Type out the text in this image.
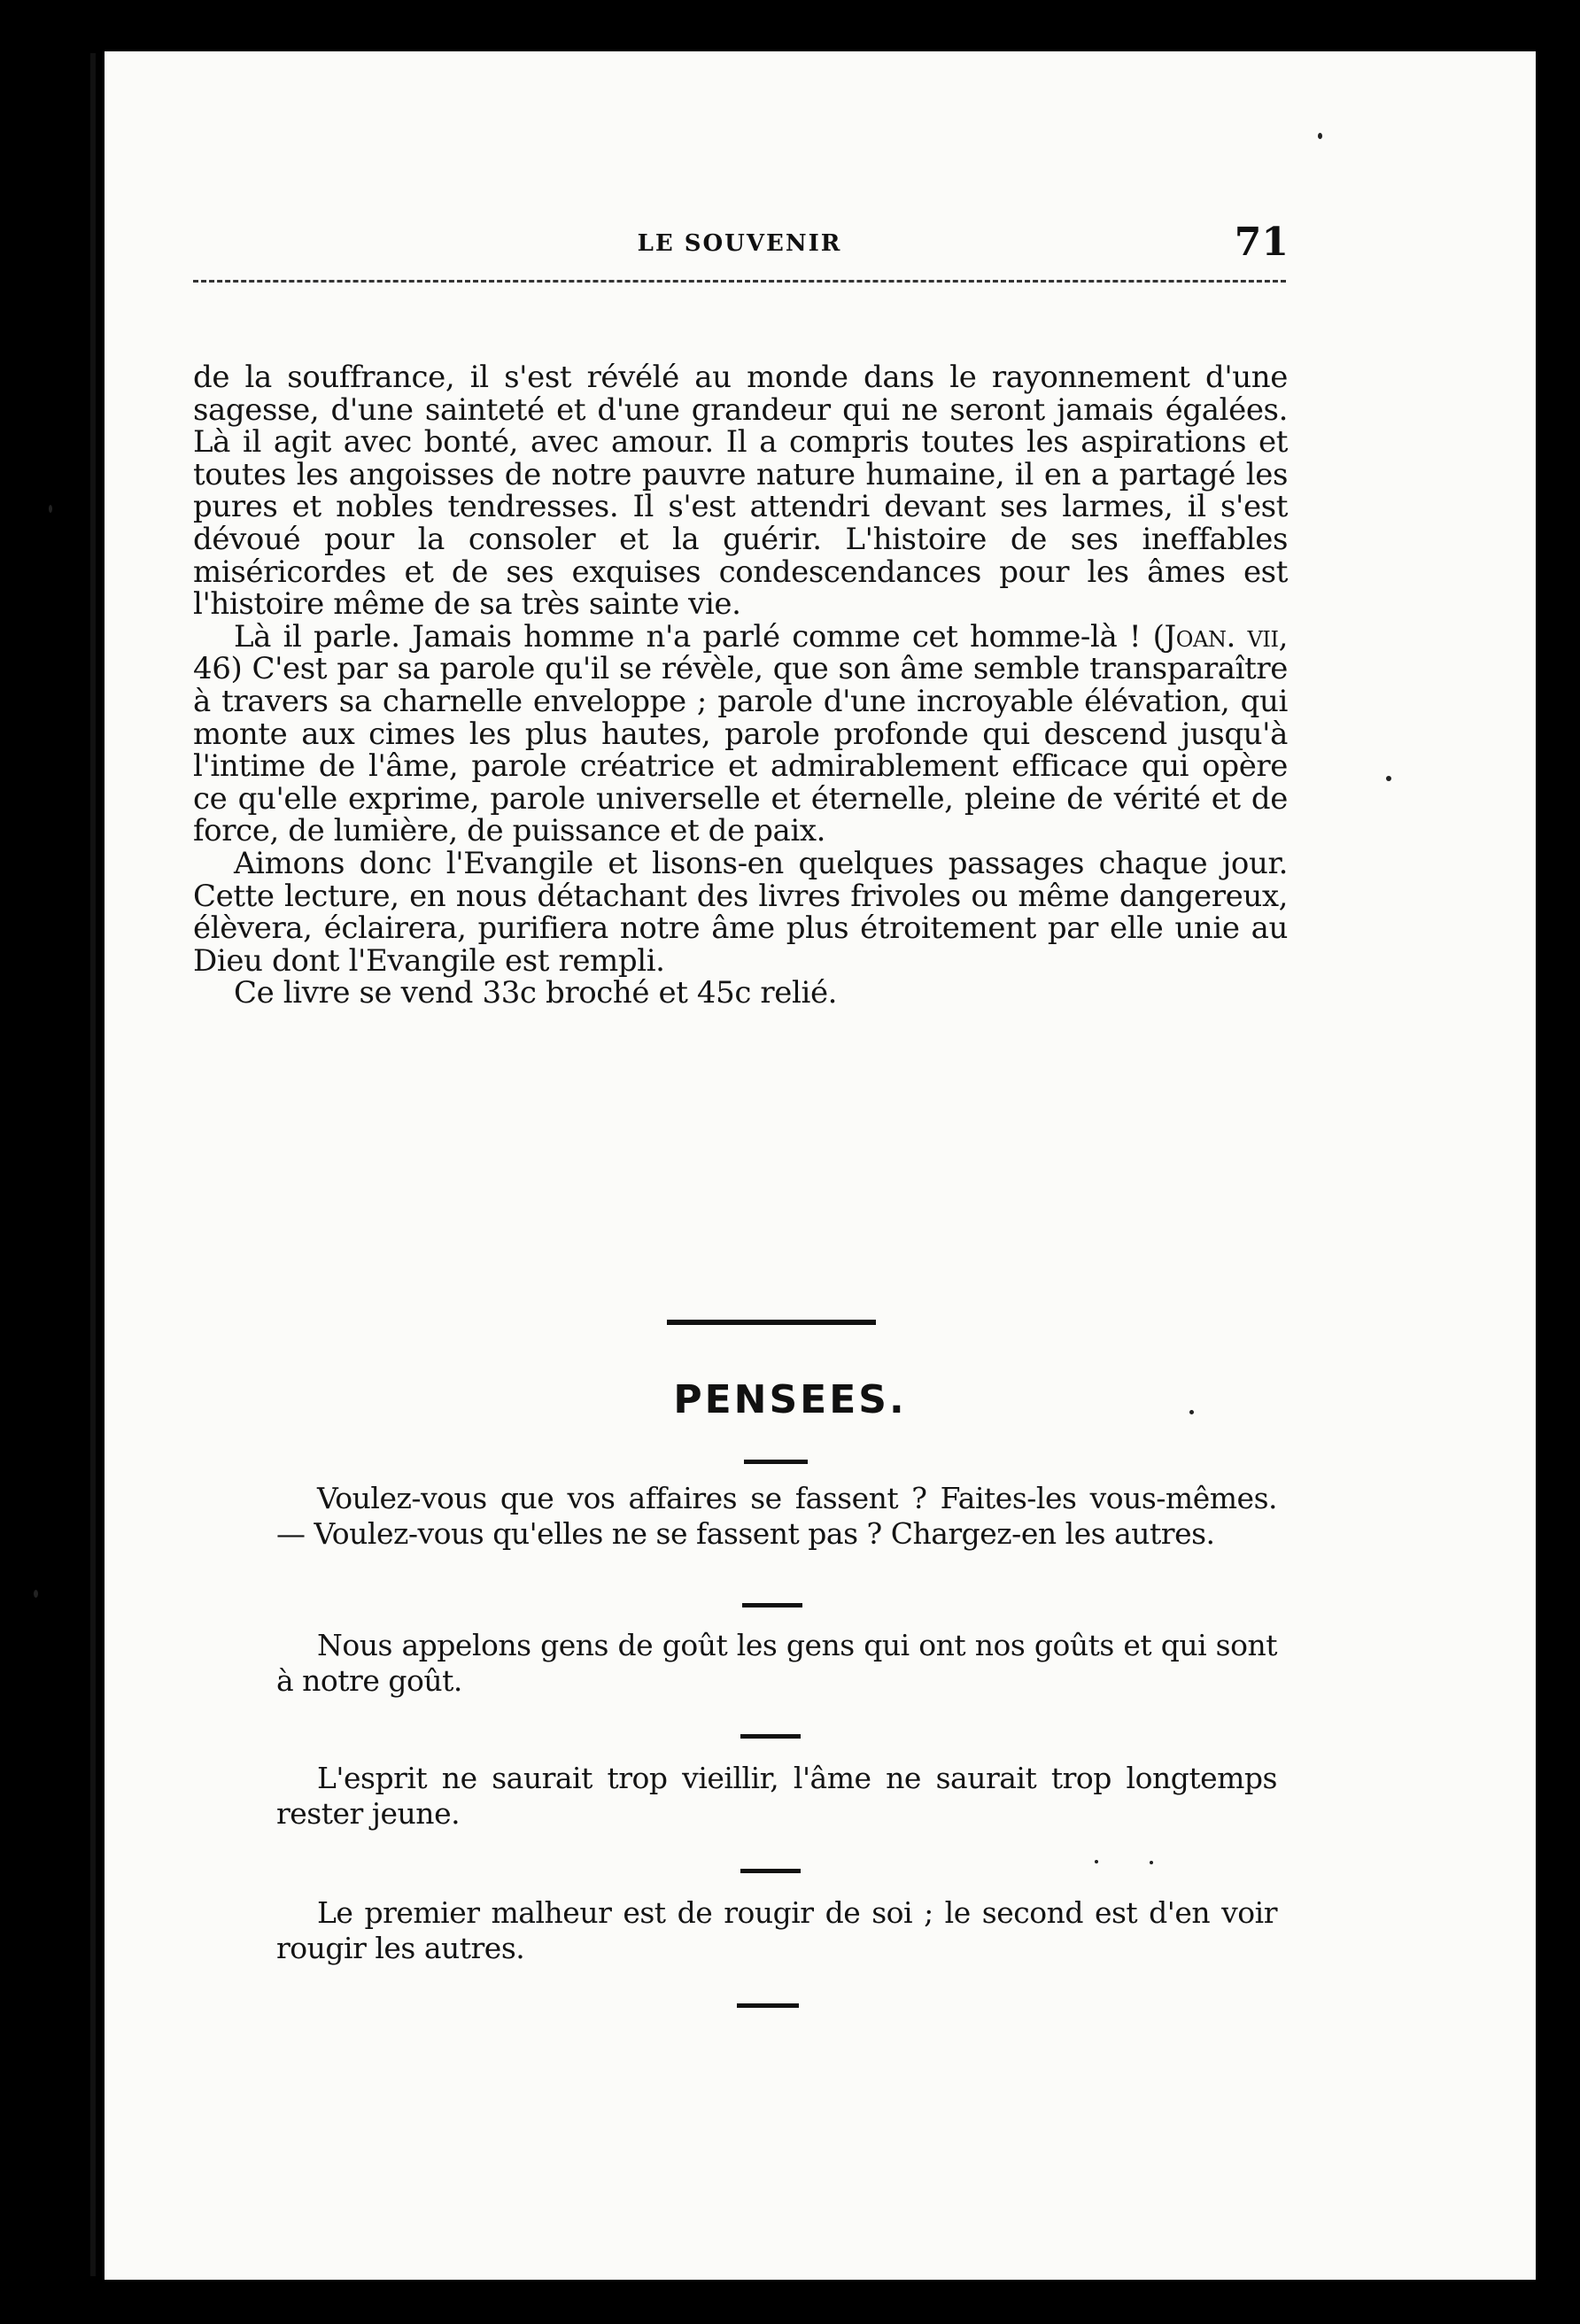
LE SOUVENIR	71

de la souffrance, il s'est révélé au monde dans le rayonnement d'une sagesse, d'une sainteté et d'une grandeur qui ne seront jamais égalées. Là il agit avec bonté, avec amour. Il a compris toutes les aspirations et toutes les angoisses de notre pauvre nature humaine, il en a partagé les pures et nobles tendresses. Il s'est attendri devant ses larmes, il s'est dévoué pour la consoler et la guérir. L'histoire de ses ineffables miséricordes et de ses exquises condescendances pour les âmes est l'histoire même de sa très sainte vie.

Là il parle. Jamais homme n'a parlé comme cet homme-là ! (Joan. vii, 46) C'est par sa parole qu'il se révèle, que son âme semble transparaître à travers sa charnelle enveloppe ; parole d'une incroyable élévation, qui monte aux cimes les plus hautes, parole profonde qui descend jusqu'à l'intime de l'âme, parole créatrice et admirablement efficace qui opère ce qu'elle exprime, parole universelle et éternelle, pleine de vérité et de force, de lumière, de puissance et de paix.

Aimons donc l'Evangile et lisons-en quelques passages chaque jour. Cette lecture, en nous détachant des livres frivoles ou même dangereux, élèvera, éclairera, purifiera notre âme plus étroitement par elle unie au Dieu dont l'Evangile est rempli.

Ce livre se vend 33c broché et 45c relié.

PENSEES.

Voulez-vous que vos affaires se fassent ? Faites-les vous-mêmes. — Voulez-vous qu'elles ne se fassent pas ? Chargez-en les autres.

Nous appelons gens de goût les gens qui ont nos goûts et qui sont à notre goût.

L'esprit ne saurait trop vieillir, l'âme ne saurait trop longtemps rester jeune.

Le premier malheur est de rougir de soi ; le second est d'en voir rougir les autres.
